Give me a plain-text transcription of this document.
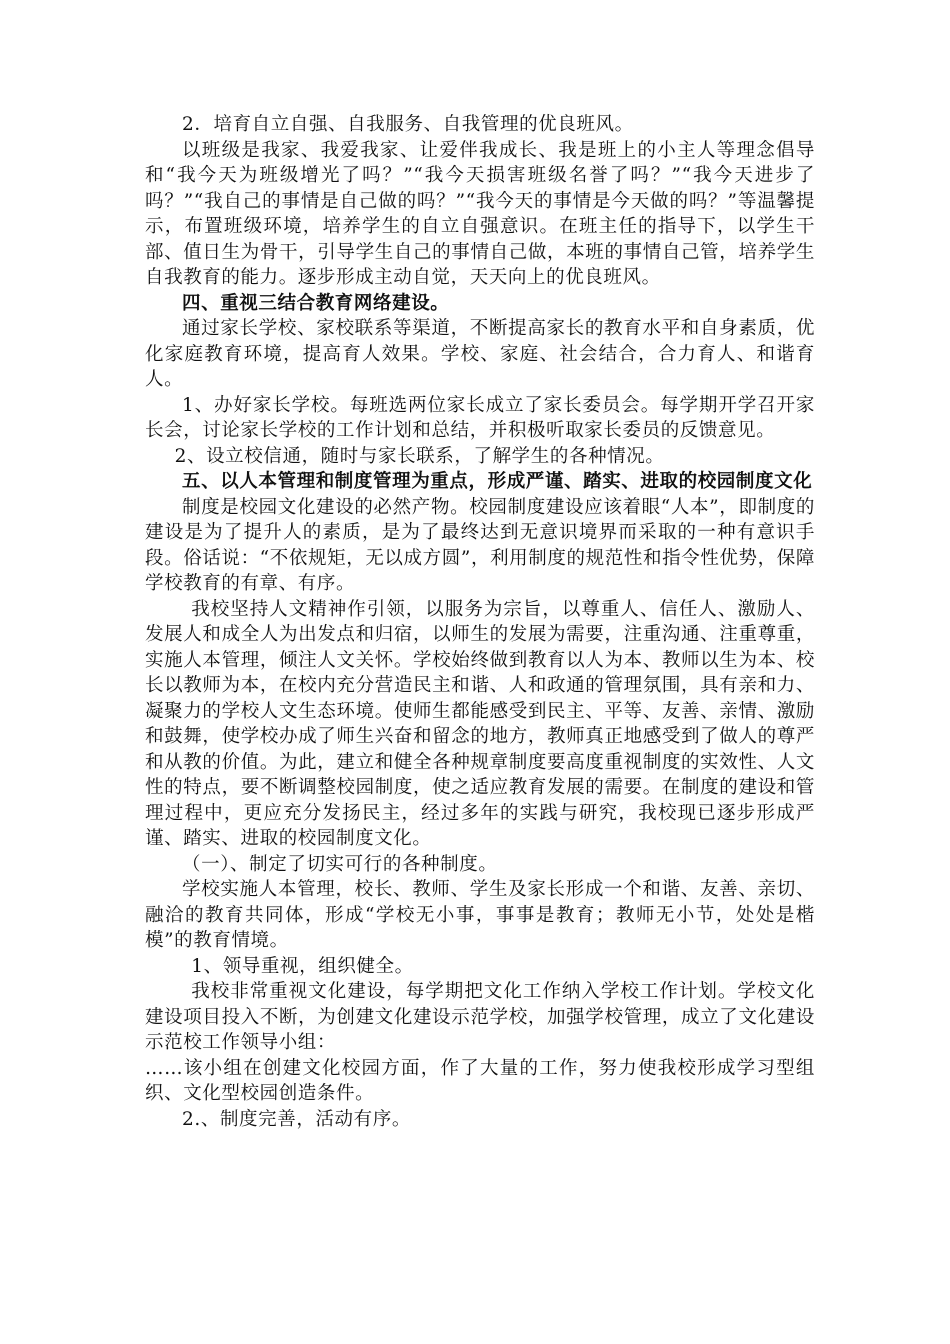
2．培育自立自强、自我服务、自我管理的优良班风。

以班级是我家、我爱我家、让爱伴我成长、我是班上的小主人等理念倡导和“我今天为班级增光了吗？”“我今天损害班级名誉了吗？”“我今天进步了吗？”“我自己的事情是自己做的吗？”“我今天的事情是今天做的吗？”等温馨提示，布置班级环境，培养学生的自立自强意识。在班主任的指导下，以学生干部、值日生为骨干，引导学生自己的事情自己做，本班的事情自己管，培养学生自我教育的能力。逐步形成主动自觉，天天向上的优良班风。

四、重视三结合教育网络建设。

通过家长学校、家校联系等渠道，不断提高家长的教育水平和自身素质，优化家庭教育环境，提高育人效果。学校、家庭、社会结合，合力育人、和谐育人。

1、办好家长学校。每班选两位家长成立了家长委员会。每学期开学召开家长会，讨论家长学校的工作计划和总结，并积极听取家长委员的反馈意见。

2、设立校信通，随时与家长联系，了解学生的各种情况。

五、以人本管理和制度管理为重点，形成严谨、踏实、进取的校园制度文化

制度是校园文化建设的必然产物。校园制度建设应该着眼“人本”，即制度的建设是为了提升人的素质，是为了最终达到无意识境界而采取的一种有意识手段。俗话说：“不依规矩，无以成方圆”，利用制度的规范性和指令性优势，保障学校教育的有章、有序。

我校坚持人文精神作引领，以服务为宗旨，以尊重人、信任人、激励人、发展人和成全人为出发点和归宿，以师生的发展为需要，注重沟通、注重尊重，实施人本管理，倾注人文关怀。学校始终做到教育以人为本、教师以生为本、校长以教师为本，在校内充分营造民主和谐、人和政通的管理氛围，具有亲和力、凝聚力的学校人文生态环境。使师生都能感受到民主、平等、友善、亲情、激励和鼓舞，使学校办成了师生兴奋和留念的地方，教师真正地感受到了做人的尊严和从教的价值。为此，建立和健全各种规章制度要高度重视制度的实效性、人文性的特点，要不断调整校园制度，使之适应教育发展的需要。在制度的建设和管理过程中，更应充分发扬民主，经过多年的实践与研究，我校现已逐步形成严谨、踏实、进取的校园制度文化。

（一）、制定了切实可行的各种制度。

学校实施人本管理，校长、教师、学生及家长形成一个和谐、友善、亲切、融洽的教育共同体，形成“学校无小事，事事是教育；教师无小节，处处是楷模”的教育情境。

1、领导重视，组织健全。

我校非常重视文化建设，每学期把文化工作纳入学校工作计划。学校文化建设项目投入不断，为创建文化建设示范学校，加强学校管理，成立了文化建设示范校工作领导小组：

……该小组在创建文化校园方面，作了大量的工作，努力使我校形成学习型组织、文化型校园创造条件。

2.、制度完善，活动有序。
